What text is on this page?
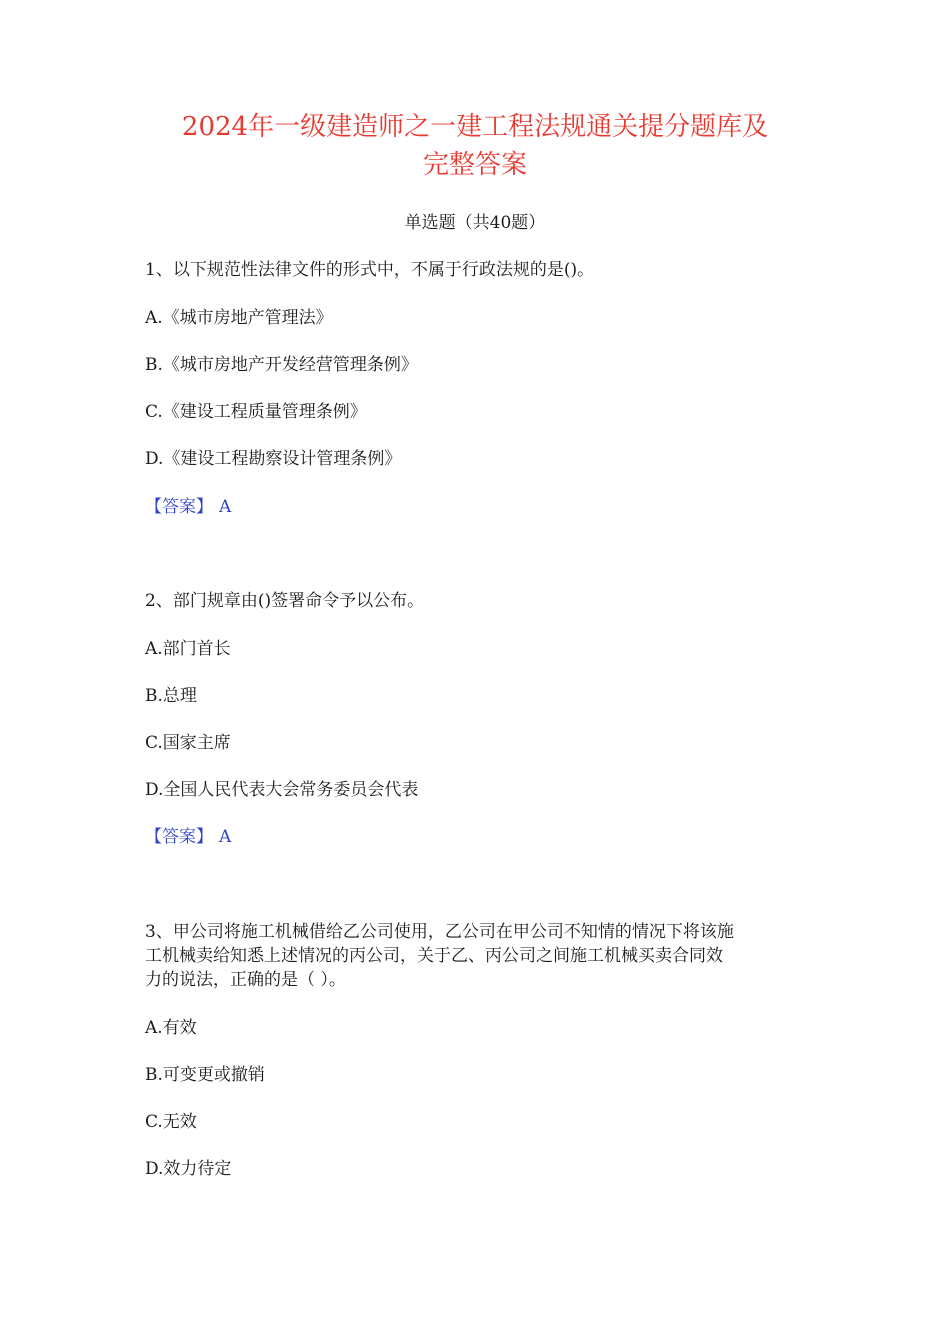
2024年一级建造师之一建工程法规通关提分题库及
完整答案

单选题（共40题）

1、以下规范性法律文件的形式中，不属于行政法规的是()。

A.《城市房地产管理法》

B.《城市房地产开发经营管理条例》

C.《建设工程质量管理条例》

D.《建设工程勘察设计管理条例》

【答案】 A

2、部门规章由()签署命令予以公布。

A.部门首长

B.总理

C.国家主席

D.全国人民代表大会常务委员会代表

【答案】 A

3、甲公司将施工机械借给乙公司使用，乙公司在甲公司不知情的情况下将该施

工机械卖给知悉上述情况的丙公司，关于乙、丙公司之间施工机械买卖合同效

力的说法，正确的是（ ）。

A.有效

B.可变更或撤销

C.无效

D.效力待定
